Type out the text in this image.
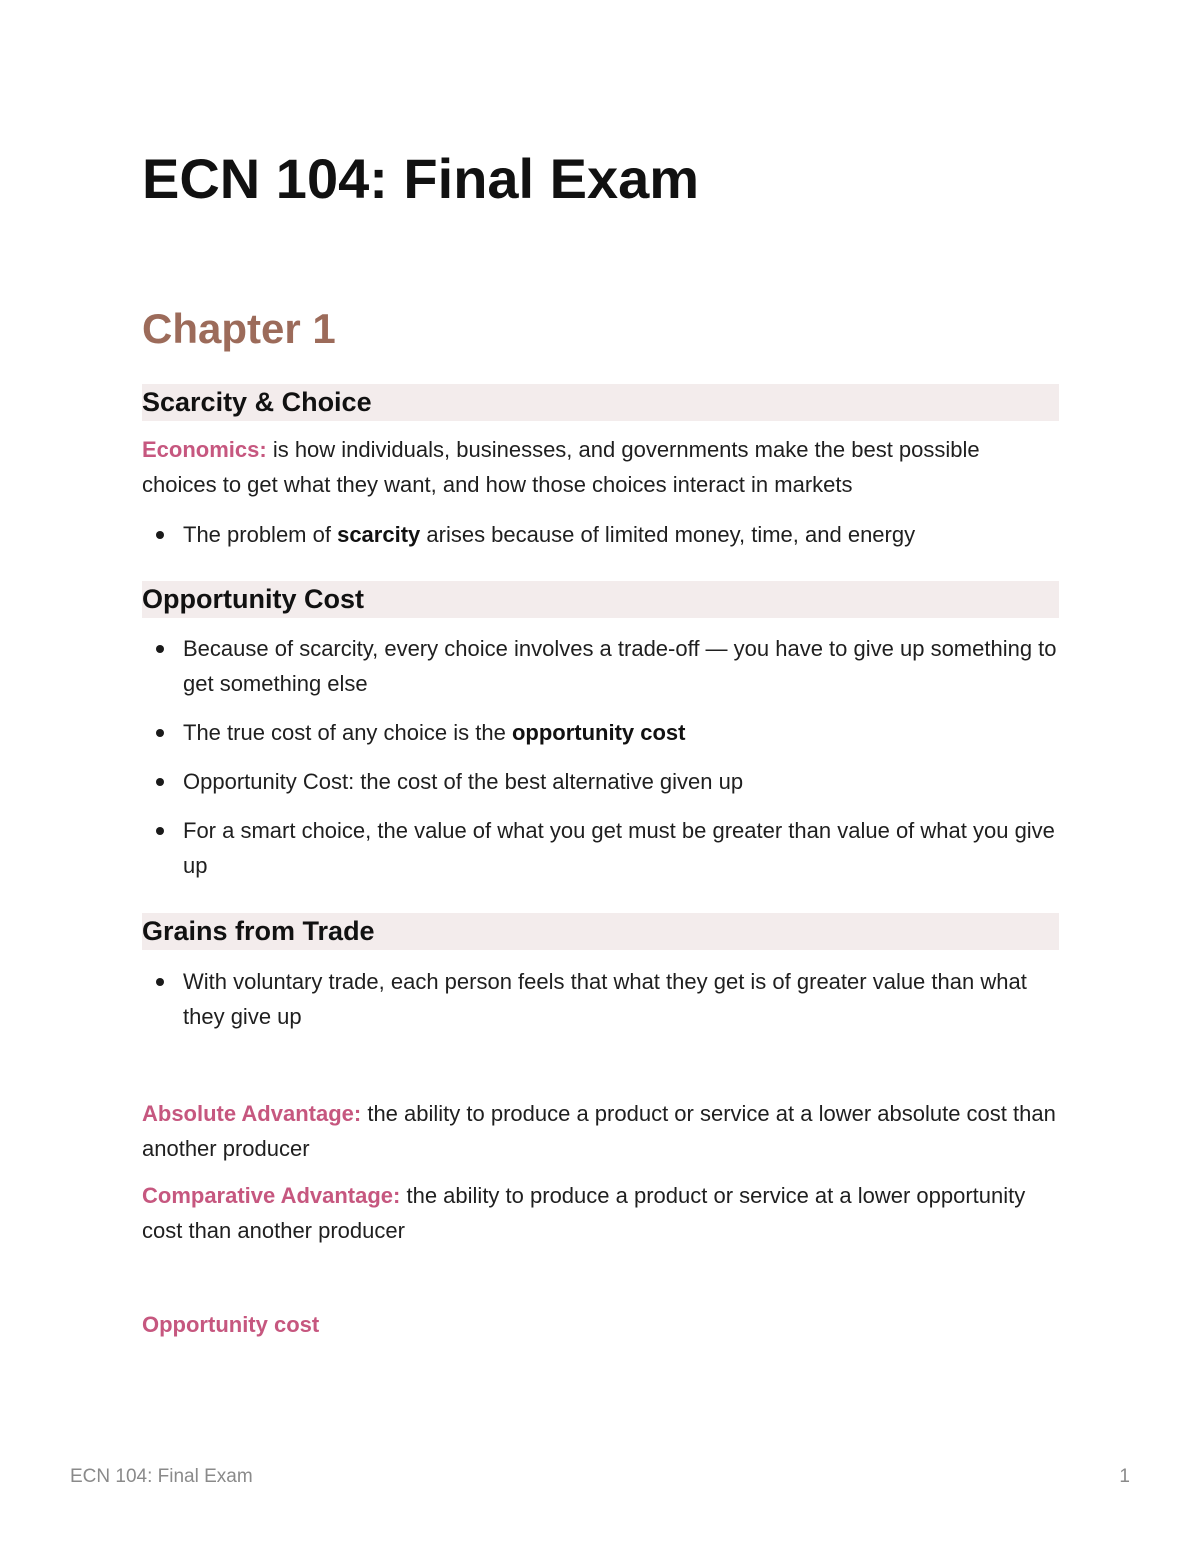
ECN 104: Final Exam
Chapter 1
Scarcity & Choice

Economics: is how individuals, businesses, and governments make the best possible choices to get what they want, and how those choices interact in markets

The problem of scarcity arises because of limited money, time, and energy
Opportunity Cost
Because of scarcity, every choice involves a trade-off — you have to give up something to get something else
The true cost of any choice is the opportunity cost
Opportunity Cost: the cost of the best alternative given up
For a smart choice, the value of what you get must be greater than value of what you give up
Grains from Trade
With voluntary trade, each person feels that what they get is of greater value than what they give up

Absolute Advantage: the ability to produce a product or service at a lower absolute cost than another producer

Comparative Advantage: the ability to produce a product or service at a lower opportunity cost than another producer

Opportunity cost

ECN 104: Final Exam	1
